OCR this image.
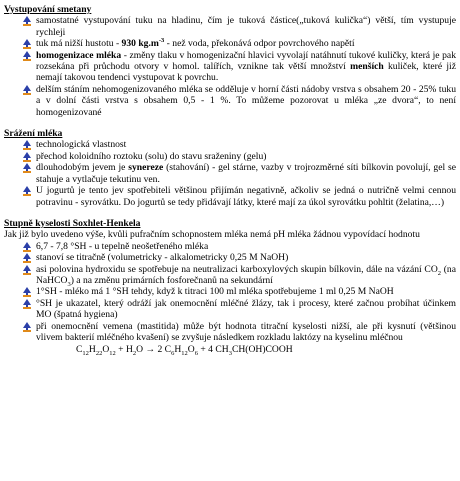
Vystupování smetany
samostatné vystupování tuku na hladinu, čím je tuková částice(„tuková kulička“) větší, tím vystupuje rychleji
tuk má nižší hustotu - 930 $kg.m^{-3}$ - než voda, překonává odpor povrchového napětí
homogenizace mléka - změny tlaku v homogenizační hlavici vyvolají natáhnutí tukové kuličky, která je pak rozsekána při průchodu otvory v homol. talířích, vznikne tak větší množství menších kuliček, které již nemají takovou tendenci vystupovat k povrchu.
delším stáním nehomogenizovaného mléka se odděluje v horní části nádoby vrstva s obsahem 20 - 25% tuku a v dolní části vrstva s obsahem 0,5 - 1 %. To můžeme pozorovat u mléka „ze dvora“, to není homogenizované
Srážení mléka
technologická vlastnost
přechod koloidního roztoku (solu) do stavu sraženiny (gelu)
dlouhodobým jevem je synereze (stahování) - gel stárne, vazby v trojrozměrné síti bílkovin povolují, gel se stahuje a vytlačuje tekutinu ven.
U jogurtů je tento jev spotřebiteli většinou přijímán negativně, ačkoliv se jedná o nutričně velmi cennou potravinu - syrovátku. Do jogurtů se tedy přidávají látky, které mají za úkol syrovátku pohltit (želatina,…)
Stupně kyselosti Soxhlet-Henkela
Jak již bylo uvedeno výše, kvůli pufračním schopnostem mléka nemá pH mléka žádnou vypovídací hodnotu
6,7 - 7,8 °SH - u tepelně neošetřeného mléka
stanoví se titračně (volumetricky - alkalometricky 0,25 M NaOH)
asi polovina hydroxidu se spotřebuje na neutralizaci karboxylových skupin bílkovin, dále na vázání $CO_2$ (na NaHCO$_3$) a na změnu primárních fosforečnanů na sekundární
1°SH - mléko má 1 °SH tehdy, když k titraci 100 ml mléka spotřebujeme 1 ml 0,25 M NaOH
°SH je ukazatel, který odráží jak onemocnění mléčné žlázy, tak i procesy, které začnou probíhat účinkem MO (špatná hygiena)
při onemocnění vemena (mastitida) může být hodnota titrační kyselosti nižší, ale při kysnutí (většinou vlivem bakterií mléčného kvašení) se zvyšuje následkem rozkladu laktózy na kyselinu mléčnou
$C_{12}H_{22}O_{12} + H_2O \to 2$ $C_6H_{12}O_6 + 4$ $CH_3CH(OH)COOH$
